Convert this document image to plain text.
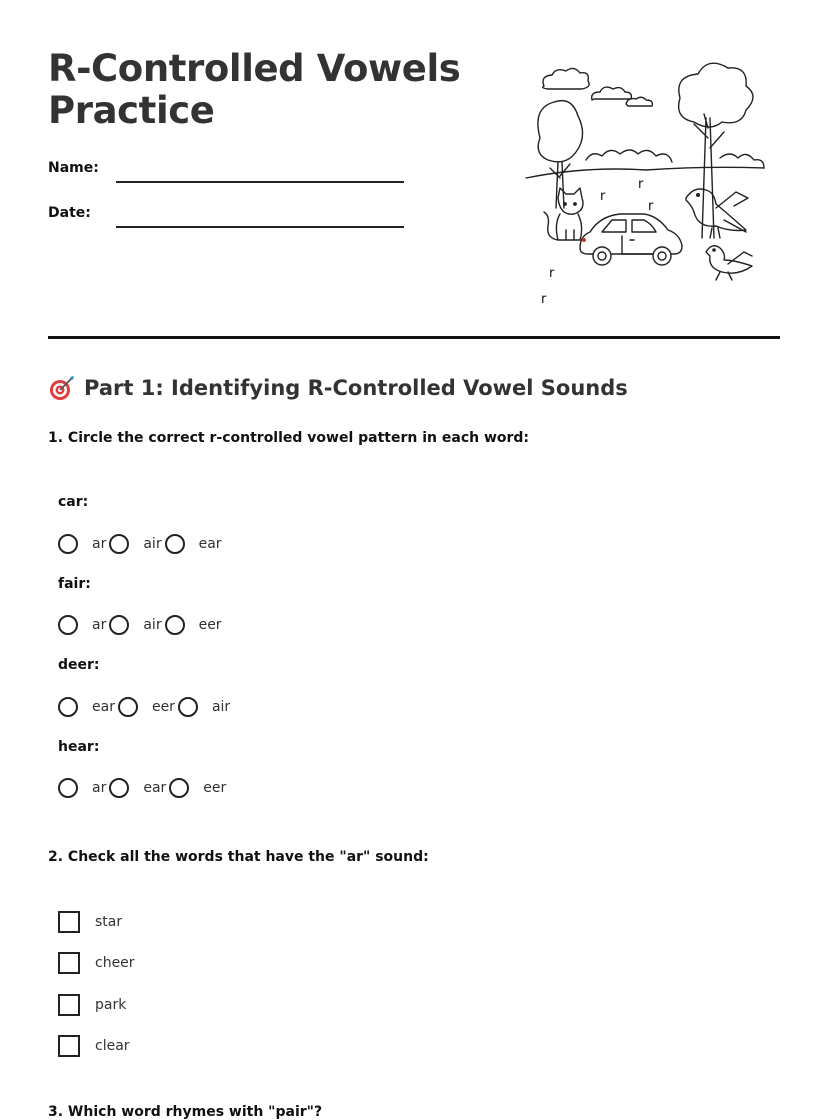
R-Controlled Vowels
Practice
Name:
Date:
r
r
r
r
r
Part 1: Identifying R-Controlled Vowel Sounds
1. Circle the correct r-controlled vowel pattern in each word:
car:
ar	air	ear
fair:
ar	air	eer
deer:
ear	eer	air
hear:
ar	ear	eer
2. Check all the words that have the "ar" sound:
star
cheer
park
clear
3. Which word rhymes with "pair"?
